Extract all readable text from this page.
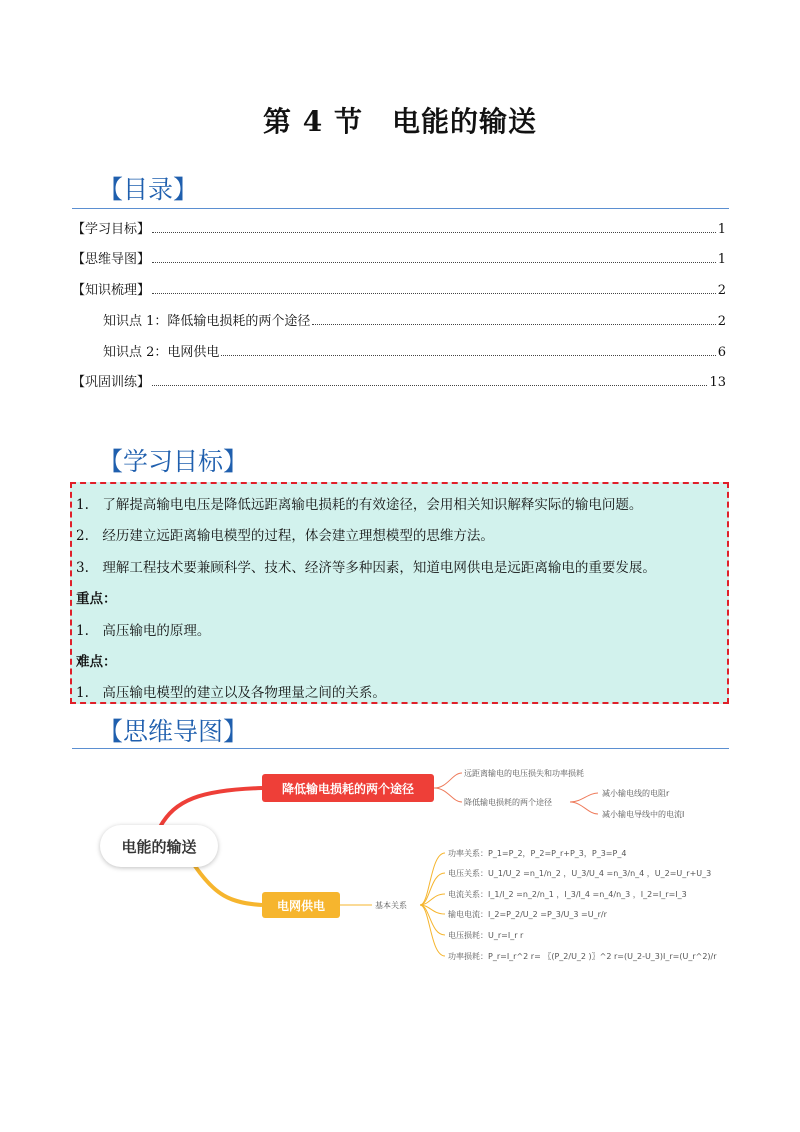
第 4 节　电能的输送
【目录】
【学习目标】	1
【思维导图】	1
【知识梳理】	2
知识点 1：降低输电损耗的两个途径	2
知识点 2：电网供电	6
【巩固训练】	13
【学习目标】
1.　了解提高输电电压是降低远距离输电损耗的有效途径，会用相关知识解释实际的输电问题。
2.　经历建立远距离输电模型的过程，体会建立理想模型的思维方法。
3.　理解工程技术要兼顾科学、技术、经济等多种因素，知道电网供电是远距离输电的重要发展。
重点：
1.　高压输电的原理。
难点：
1.　高压输电模型的建立以及各物理量之间的关系。
【思维导图】
电能的输送
降低输电损耗的两个途径
电网供电
远距离输电的电压损失和功率损耗
降低输电损耗的两个途径
减小输电线的电阻r
减小输电导线中的电流I
基本关系
功率关系：P_1=P_2，P_2=P_r+P_3，P_3=P_4
电压关系：U_1/U_2 =n_1/n_2 ，U_3/U_4 =n_3/n_4 ，U_2=U_r+U_3
电流关系：I_1/I_2 =n_2/n_1 ，I_3/I_4 =n_4/n_3 ，I_2=I_r=I_3
输电电流：I_2=P_2/U_2 =P_3/U_3 =U_r/r
电压损耗：U_r=I_r r
功率损耗：P_r=I_r^2 r= 〖(P_2/U_2 )〗^2 r=(U_2-U_3)I_r=(U_r^2)/r
